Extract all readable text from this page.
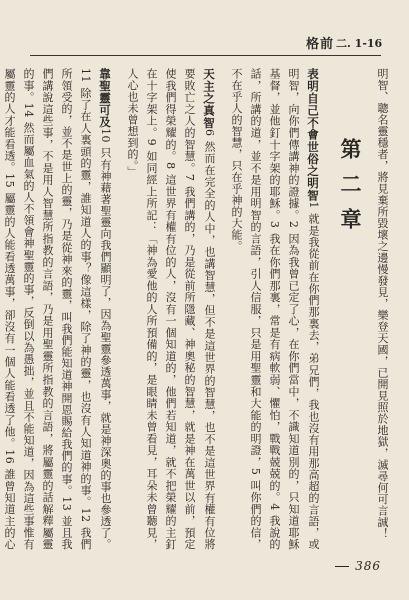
格前 二. 1-16
明智、聰名靈穩者，將見棄所毀壞之邊慢發見，樂登天國，已開見照於地獄，滅尋何可言誠！
第二章
表明自己不會世俗之明智1 就是我從前在你們那裏去，弟兄們，我也沒有用那高超的言語，或明智，向你們傳講神的證據。2 因為我曾已定了心，在你們當中，不識知道別的，只知道耶穌基督，並他釘十字架的耶穌。3 我在你們那裏，常是有病軟弱、懼怕，戰戰兢兢的。4 我說的話，所講的道，並不是用明智的言語，引人信服，只是用聖靈和大能的明證，5 叫你們的信，不在乎人的智慧，只在乎神的大能。
天主之真智6 然而在完全的人中，也講智慧，但不是這世界的智慧，也不是這世界有權有位將要敗亡之人的智慧。7 我們講的，乃是從前所隱藏、神奧秘的智慧，就是神在萬世以前，預定使我們得榮耀的。8 這世界有權有位的人，沒有一個知道的，他們若知道，就不把榮耀的主釘在十字架上。9 如同經上所記：「神為愛他的人所預備的，是眼睛未曾看見，耳朵未曾聽見，人心也未曾想到的。」
靠聖靈可及10 只有神藉著聖靈向我們顯明了，因為聖靈參透萬事，就是神深奧的事也參透了。11 除了在人裏頭的靈，誰知道人的事？像這樣，除了神的靈，也沒有人知道神的事。12 我們所領受的，並不是世上的靈，乃是從神來的靈，叫我們能知道神開恩賜給我們的事。13 並且我們講說這些事，不是用人智慧所指教的言語，乃是用聖靈所指教的言語，將屬靈的話解釋屬靈的事。14 然而屬血氣的人不領會神聖靈的事，反倒以為愚拙，並且不能知道，因為這些事惟有屬靈的人才能看透。15 屬靈的人能看透萬事，卻沒有一個人能看透了他。16 誰曾知道主的心
386
